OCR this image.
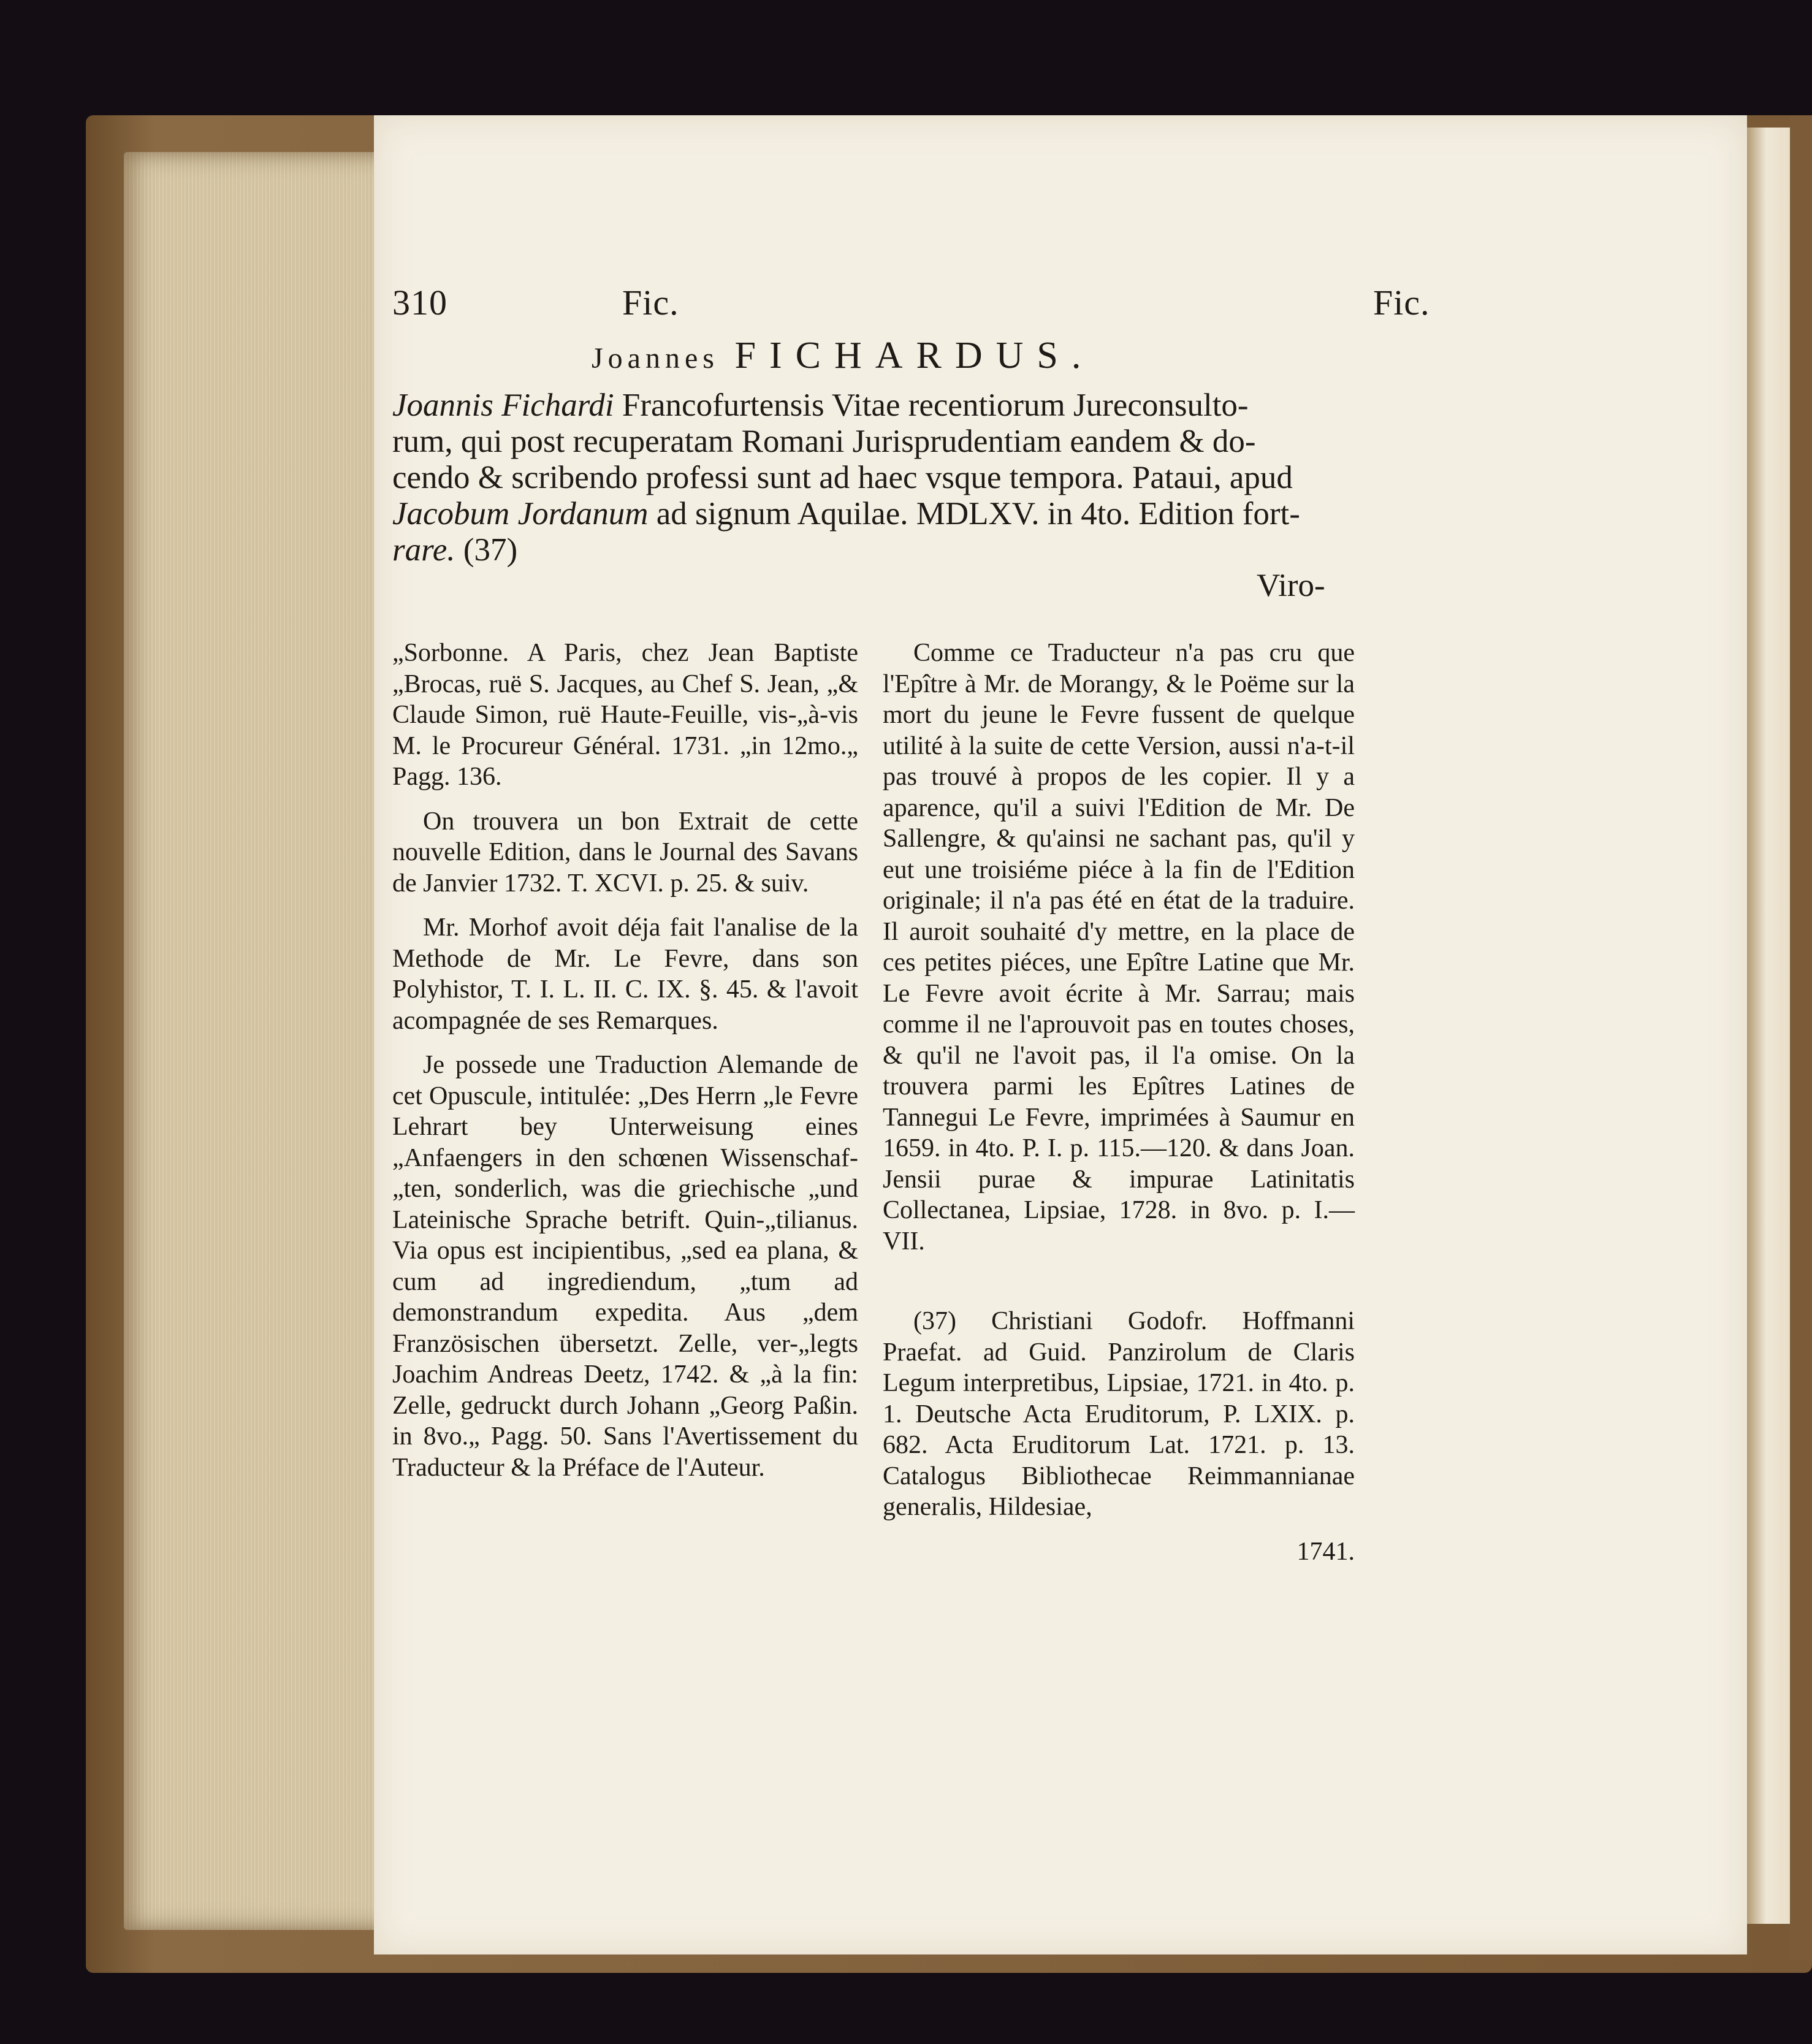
310	Fic.	Fic.
Joannes FICHARDUS.

Joannis Fichardi Francofurtensis Vitae recentiorum Jureconsulto-

rum, qui post recuperatam Romani Jurisprudentiam eandem & do-

cendo & scribendo professi sunt ad haec vsque tempora. Pataui, apud

Jacobum Jordanum ad signum Aquilae. MDLXV. in 4to. Edition fort-

rare. (37)

Viro-

„Sorbonne. A Paris, chez Jean Baptiste „Brocas, ruë S. Jacques, au Chef S. Jean, „& Claude Simon, ruë Haute-Feuille, vis-„à-vis M. le Procureur Général. 1731. „in 12mo.„ Pagg. 136.

On trouvera un bon Extrait de cette nouvelle Edition, dans le Journal des Savans de Janvier 1732. T. XCVI. p. 25. & suiv.

Mr. Morhof avoit déja fait l'analise de la Methode de Mr. Le Fevre, dans son Polyhistor, T. I. L. II. C. IX. §. 45. & l'avoit acompagnée de ses Remarques.

Je possede une Traduction Alemande de cet Opuscule, intitulée: „Des Herrn „le Fevre Lehrart bey Unterweisung eines „Anfaengers in den schœnen Wissenschaf-„ten, sonderlich, was die griechische „und Lateinische Sprache betrift. Quin-„tilianus. Via opus est incipientibus, „sed ea plana, & cum ad ingrediendum, „tum ad demonstrandum expedita. Aus „dem Französischen übersetzt. Zelle, ver-„legts Joachim Andreas Deetz, 1742. & „à la fin: Zelle, gedruckt durch Johann „Georg Paßin. in 8vo.„ Pagg. 50. Sans l'Avertissement du Traducteur & la Préface de l'Auteur.

Comme ce Traducteur n'a pas cru que l'Epître à Mr. de Morangy, & le Poëme sur la mort du jeune le Fevre fussent de quelque utilité à la suite de cette Version, aussi n'a-t-il pas trouvé à propos de les copier. Il y a aparence, qu'il a suivi l'Edition de Mr. De Sallengre, & qu'ainsi ne sachant pas, qu'il y eut une troisiéme piéce à la fin de l'Edition originale; il n'a pas été en état de la traduire. Il auroit souhaité d'y mettre, en la place de ces petites piéces, une Epître Latine que Mr. Le Fevre avoit écrite à Mr. Sarrau; mais comme il ne l'aprouvoit pas en toutes choses, & qu'il ne l'avoit pas, il l'a omise. On la trouvera parmi les Epîtres Latines de Tannegui Le Fevre, imprimées à Saumur en 1659. in 4to. P. I. p. 115.—120. & dans Joan. Jensii purae & impurae Latinitatis Collectanea, Lipsiae, 1728. in 8vo. p. I.—VII.

(37) Christiani Godofr. Hoffmanni Praefat. ad Guid. Panzirolum de Claris Legum interpretibus, Lipsiae, 1721. in 4to. p. 1. Deutsche Acta Eruditorum, P. LXIX. p. 682. Acta Eruditorum Lat. 1721. p. 13. Catalogus Bibliothecae Reimmannianae generalis, Hildesiae,

1741.
